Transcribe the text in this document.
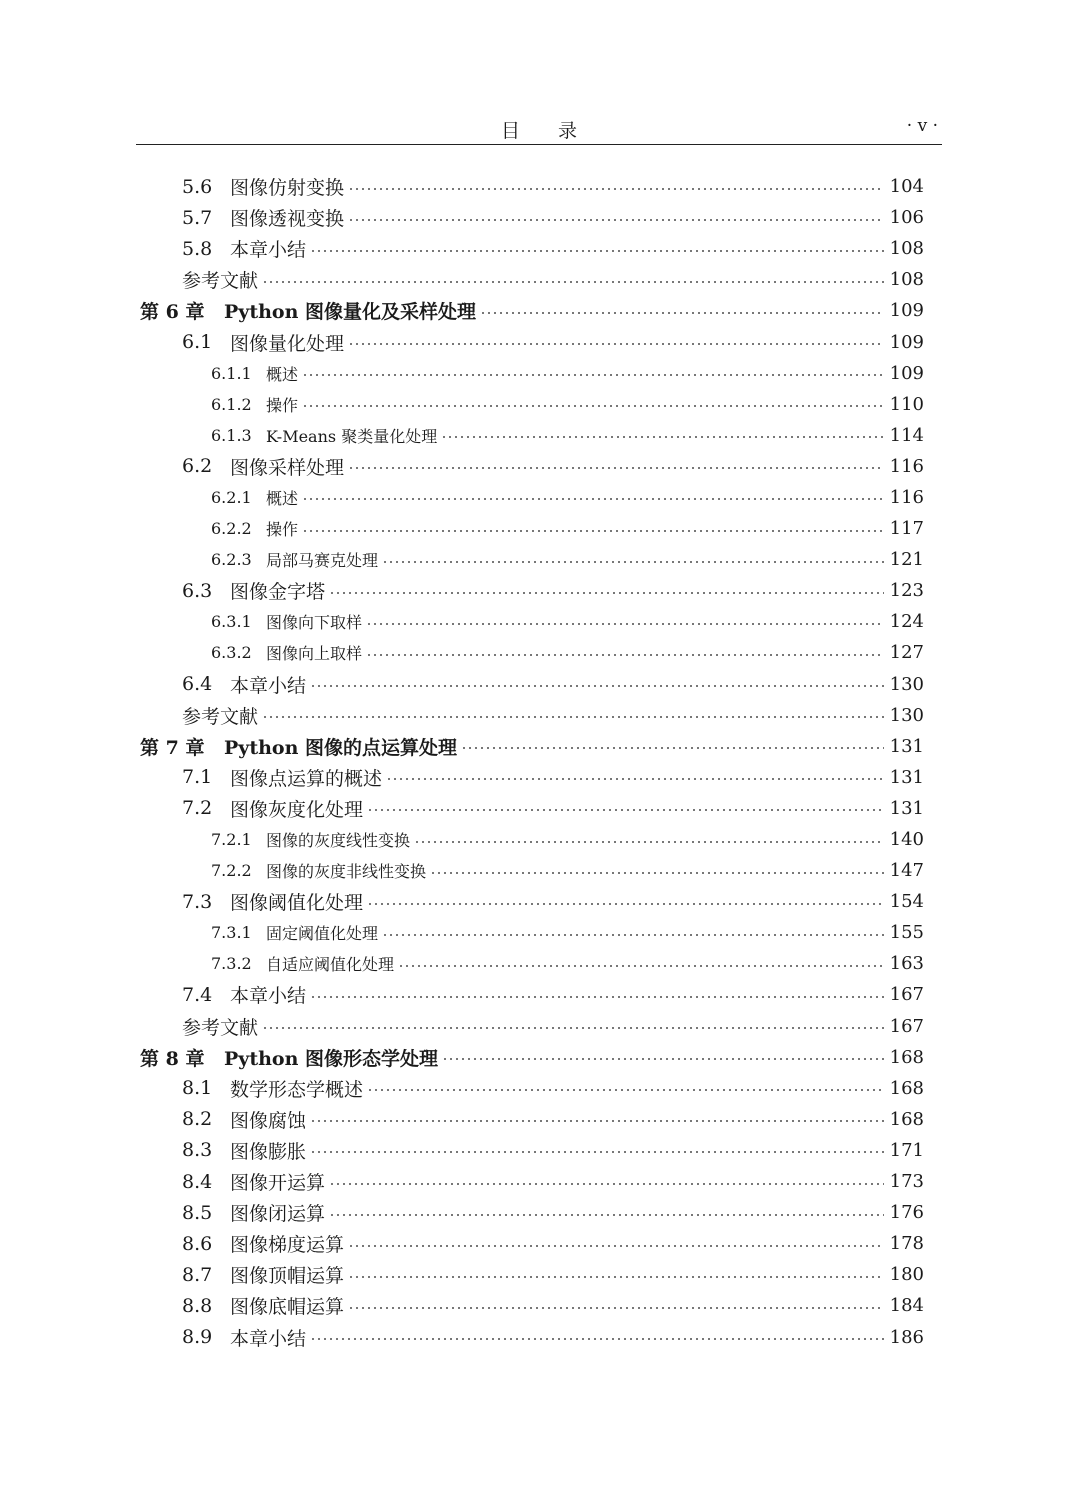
目　　录	· v ·
5.6 图像仿射变换	104
5.7 图像透视变换	106
5.8 本章小结	108
参考文献	108
第 6 章	Python 图像量化及采样处理	109
6.1 图像量化处理	109
6.1.1 概述	109
6.1.2 操作	110
6.1.3 K-Means 聚类量化处理	114
6.2 图像采样处理	116
6.2.1 概述	116
6.2.2 操作	117
6.2.3 局部马赛克处理	121
6.3 图像金字塔	123
6.3.1 图像向下取样	124
6.3.2 图像向上取样	127
6.4 本章小结	130
参考文献	130
第 7 章	Python 图像的点运算处理	131
7.1 图像点运算的概述	131
7.2 图像灰度化处理	131
7.2.1 图像的灰度线性变换	140
7.2.2 图像的灰度非线性变换	147
7.3 图像阈值化处理	154
7.3.1 固定阈值化处理	155
7.3.2 自适应阈值化处理	163
7.4 本章小结	167
参考文献	167
第 8 章	Python 图像形态学处理	168
8.1 数学形态学概述	168
8.2 图像腐蚀	168
8.3 图像膨胀	171
8.4 图像开运算	173
8.5 图像闭运算	176
8.6 图像梯度运算	178
8.7 图像顶帽运算	180
8.8 图像底帽运算	184
8.9 本章小结	186
